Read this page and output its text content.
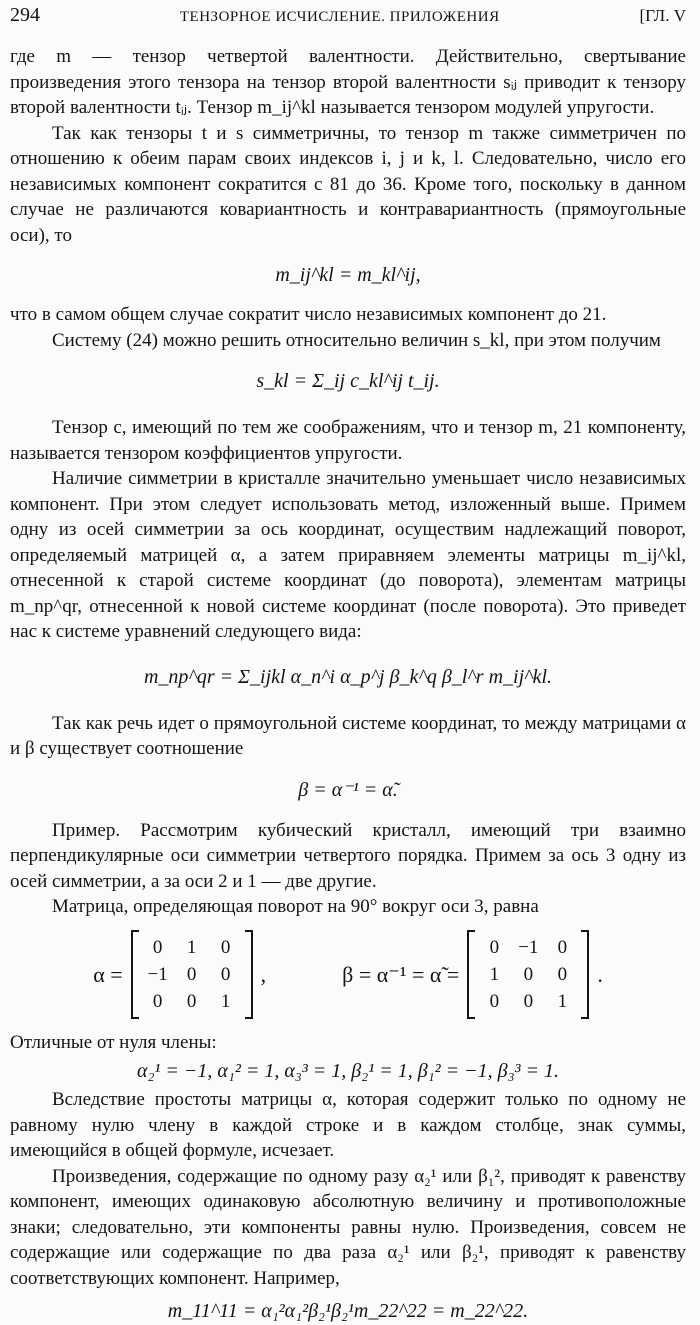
294	ТЕНЗОРНОЕ ИСЧИСЛЕНИЕ. ПРИЛОЖЕНИЯ	[ГЛ. V

где m — тензор четвертой валентности. Действительно, свертывание произведения этого тензора на тензор второй валентности sᵢⱼ приводит к тензору второй валентности tᵢⱼ. Тензор m_ij^kl называется тензором модулей упругости.

Так как тензоры t и s симметричны, то тензор m также симметричен по отношению к обеим парам своих индексов i, j и k, l. Следовательно, число его независимых компонент сократится с 81 до 36. Кроме того, поскольку в данном случае не различаются ковариантность и контравариантность (прямоугольные оси), то

m_ij^kl = m_kl^ij,

что в самом общем случае сократит число независимых компонент до 21.

Систему (24) можно решить относительно величин s_kl, при этом получим

s_kl = Σ_ij c_kl^ij t_ij.

Тензор c, имеющий по тем же соображениям, что и тензор m, 21 компоненту, называется тензором коэффициентов упругости.

Наличие симметрии в кристалле значительно уменьшает число независимых компонент. При этом следует использовать метод, изложенный выше. Примем одну из осей симметрии за ось координат, осуществим надлежащий поворот, определяемый матрицей α, а затем приравняем элементы матрицы m_ij^kl, отнесенной к старой системе координат (до поворота), элементам матрицы m_np^qr, отнесенной к новой системе координат (после поворота). Это приведет нас к системе уравнений следующего вида:

m_np^qr = Σ_ijkl α_n^i α_p^j β_k^q β_l^r m_ij^kl.

Так как речь идет о прямоугольной системе координат, то между матрицами α и β существует соотношение

β = α⁻¹ = α̃.

Пример. Рассмотрим кубический кристалл, имеющий три взаимно перпендикулярные оси симметрии четвертого порядка. Примем за ось 3 одну из осей симметрии, а за оси 2 и 1 — две другие.

Матрица, определяющая поворот на 90° вокруг оси 3, равна

α =
0	1	0
−1	0	0
0	0	1
,	β = α⁻¹ = α̃ =
0	−1	0
1	0	0
0	0	1
.

Отличные от нуля члены:

α₂¹ = −1, α₁² = 1, α₃³ = 1, β₂¹ = 1, β₁² = −1, β₃³ = 1.

Вследствие простоты матрицы α, которая содержит только по одному не равному нулю члену в каждой строке и в каждом столбце, знак суммы, имеющийся в общей формуле, исчезает.

Произведения, содержащие по одному разу α₂¹ или β₁², приводят к равенству компонент, имеющих одинаковую абсолютную величину и противоположные знаки; следовательно, эти компоненты равны нулю. Произведения, совсем не содержащие или содержащие по два раза α₂¹ или β₂¹, приводят к равенству соответствующих компонент. Например,

m_11^11 = α₁²α₁²β₂¹β₂¹m_22^22 = m_22^22.
